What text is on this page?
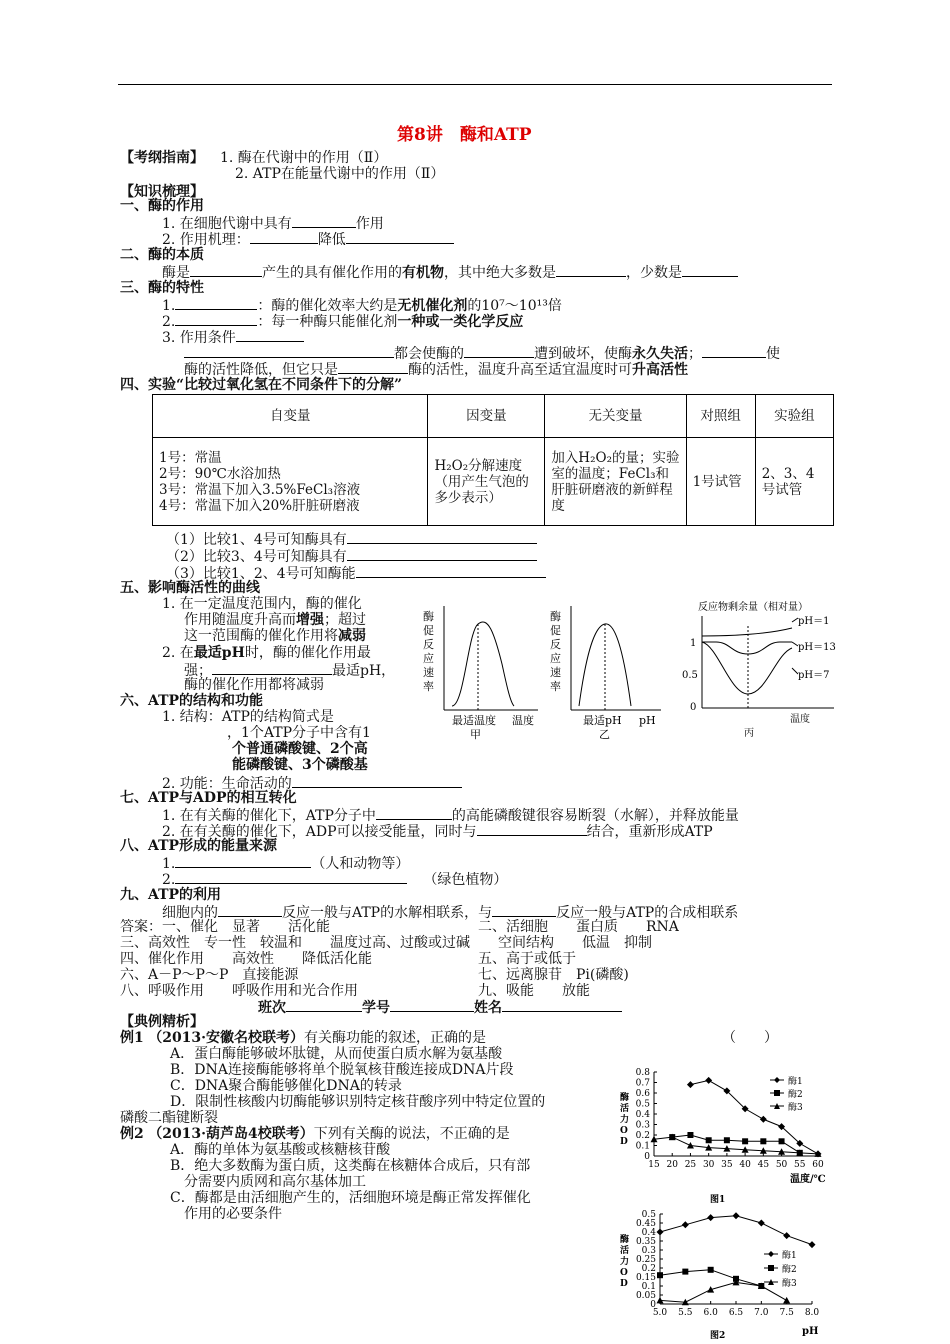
第8讲　酶和ATP
【考纲指南】 1. 酶在代谢中的作用（Ⅱ）
2. ATP在能量代谢中的作用（Ⅱ）
【知识梳理】
一、酶的作用
1. 在细胞代谢中具有	作用
2. 作用机理：	降低
二、酶的本质
酶是	产生的具有催化作用的有机物，其中绝大多数是	，少数是
三、酶的特性
1.	：酶的催化效率大约是无机催化剂的10⁷～10¹³倍
2.	：每一种酶只能催化剂一种或一类化学反应
3. 作用条件
都会使酶的	遭到破坏，使酶永久失活；	使
酶的活性降低，但它只是	酶的活性，温度升高至适宜温度时可升高活性
四、实验“比较过氧化氢在不同条件下的分解”
自变量	因变量	无关变量	对照组	实验组

1号：常温
2号：90℃水浴加热
3号：常温下加入3.5%FeCl₃溶液
4号：常温下加入20%肝脏研磨液	H₂O₂分解速度（用产生气泡的多少表示）	加入H₂O₂的量；实验室的温度；FeCl₃和肝脏研磨液的新鲜程度	1号试管	2、3、4号试管
（1）比较1、4号可知酶具有
（2）比较3、4号可知酶具有
（3）比较1、2、4号可知酶能
五、影响酶活性的曲线
1. 在一定温度范围内，酶的催化
作用随温度升高而增强；超过
这一范围酶的催化作用将减弱
2. 在最适pH时，酶的催化作用最
强；	最适pH，
酶的催化作用都将减弱
六、ATP的结构和功能
1. 结构：ATP的结构简式是
，1个ATP分子中含有1
个普通磷酸键、2个高
能磷酸键、3个磷酸基
2. 功能：生命活动的
七、ATP与ADP的相互转化
1. 在有关酶的催化下，ATP分子中	的高能磷酸键很容易断裂（水解），并释放能量
2. 在有关酶的催化下，ADP可以接受能量，同时与	结合，重新形成ATP
八、ATP形成的能量来源
1.	（人和动物等）
2.	（绿色植物）
九、ATP的利用
细胞内的	反应一般与ATP的水解相联系，与	反应一般与ATP的合成相联系
答案：一、催化　显著　　活化能	二、活细胞　　蛋白质　　RNA
三、高效性　专一性　较温和　　温度过高、过酸或过碱　　空间结构　　低温　抑制
四、催化作用　　高效性　　降低活化能	五、高于或低于
六、A－P～P～P　直接能源	七、远离腺苷　Pi(磷酸)
八、呼吸作用　　呼吸作用和光合作用	九、吸能　　放能
班次	学号	姓名
【典例精析】
例1 （2013·安徽名校联考）有关酶功能的叙述，正确的是	（　　）
A．蛋白酶能够破坏肽键，从而使蛋白质水解为氨基酸
B．DNA连接酶能够将单个脱氧核苷酸连接成DNA片段
C．DNA聚合酶能够催化DNA的转录
D．限制性核酸内切酶能够识别特定核苷酸序列中特定位置的
磷酸二酯键断裂
例2 （2013·葫芦岛4校联考）下列有关酶的说法，不正确的是
A．酶的单体为氨基酸或核糖核苷酸
B．绝大多数酶为蛋白质，这类酶在核糖体合成后，只有部
分需要内质网和高尔基体加工
C．酶都是由活细胞产生的，活细胞环境是酶正常发挥催化
作用的必要条件
酶
促
反
应
速
率
最适温度 温度
甲
酶
促
反
应
速
率
最适pH pH
乙
反应物剩余量（相对量）
1
0.5
0
pH＝1
pH＝13
pH＝7
温度
丙
0
0.1
0.2
0.3
0.4
0.5
0.6
0.7
0.8
15 20 25 30 35 40 45 50 55 60
酶
活
力
O
D
酶1
酶2
酶3
温度/℃
图1
0
0.05
0.1
0.15
0.2
0.25
0.3
0.35
0.4
0.45
0.5
5.0 5.5 6.0 6.5 7.0 7.5 8.0
酶
活
力
O
D
酶1
酶2
酶3
pH
图2
